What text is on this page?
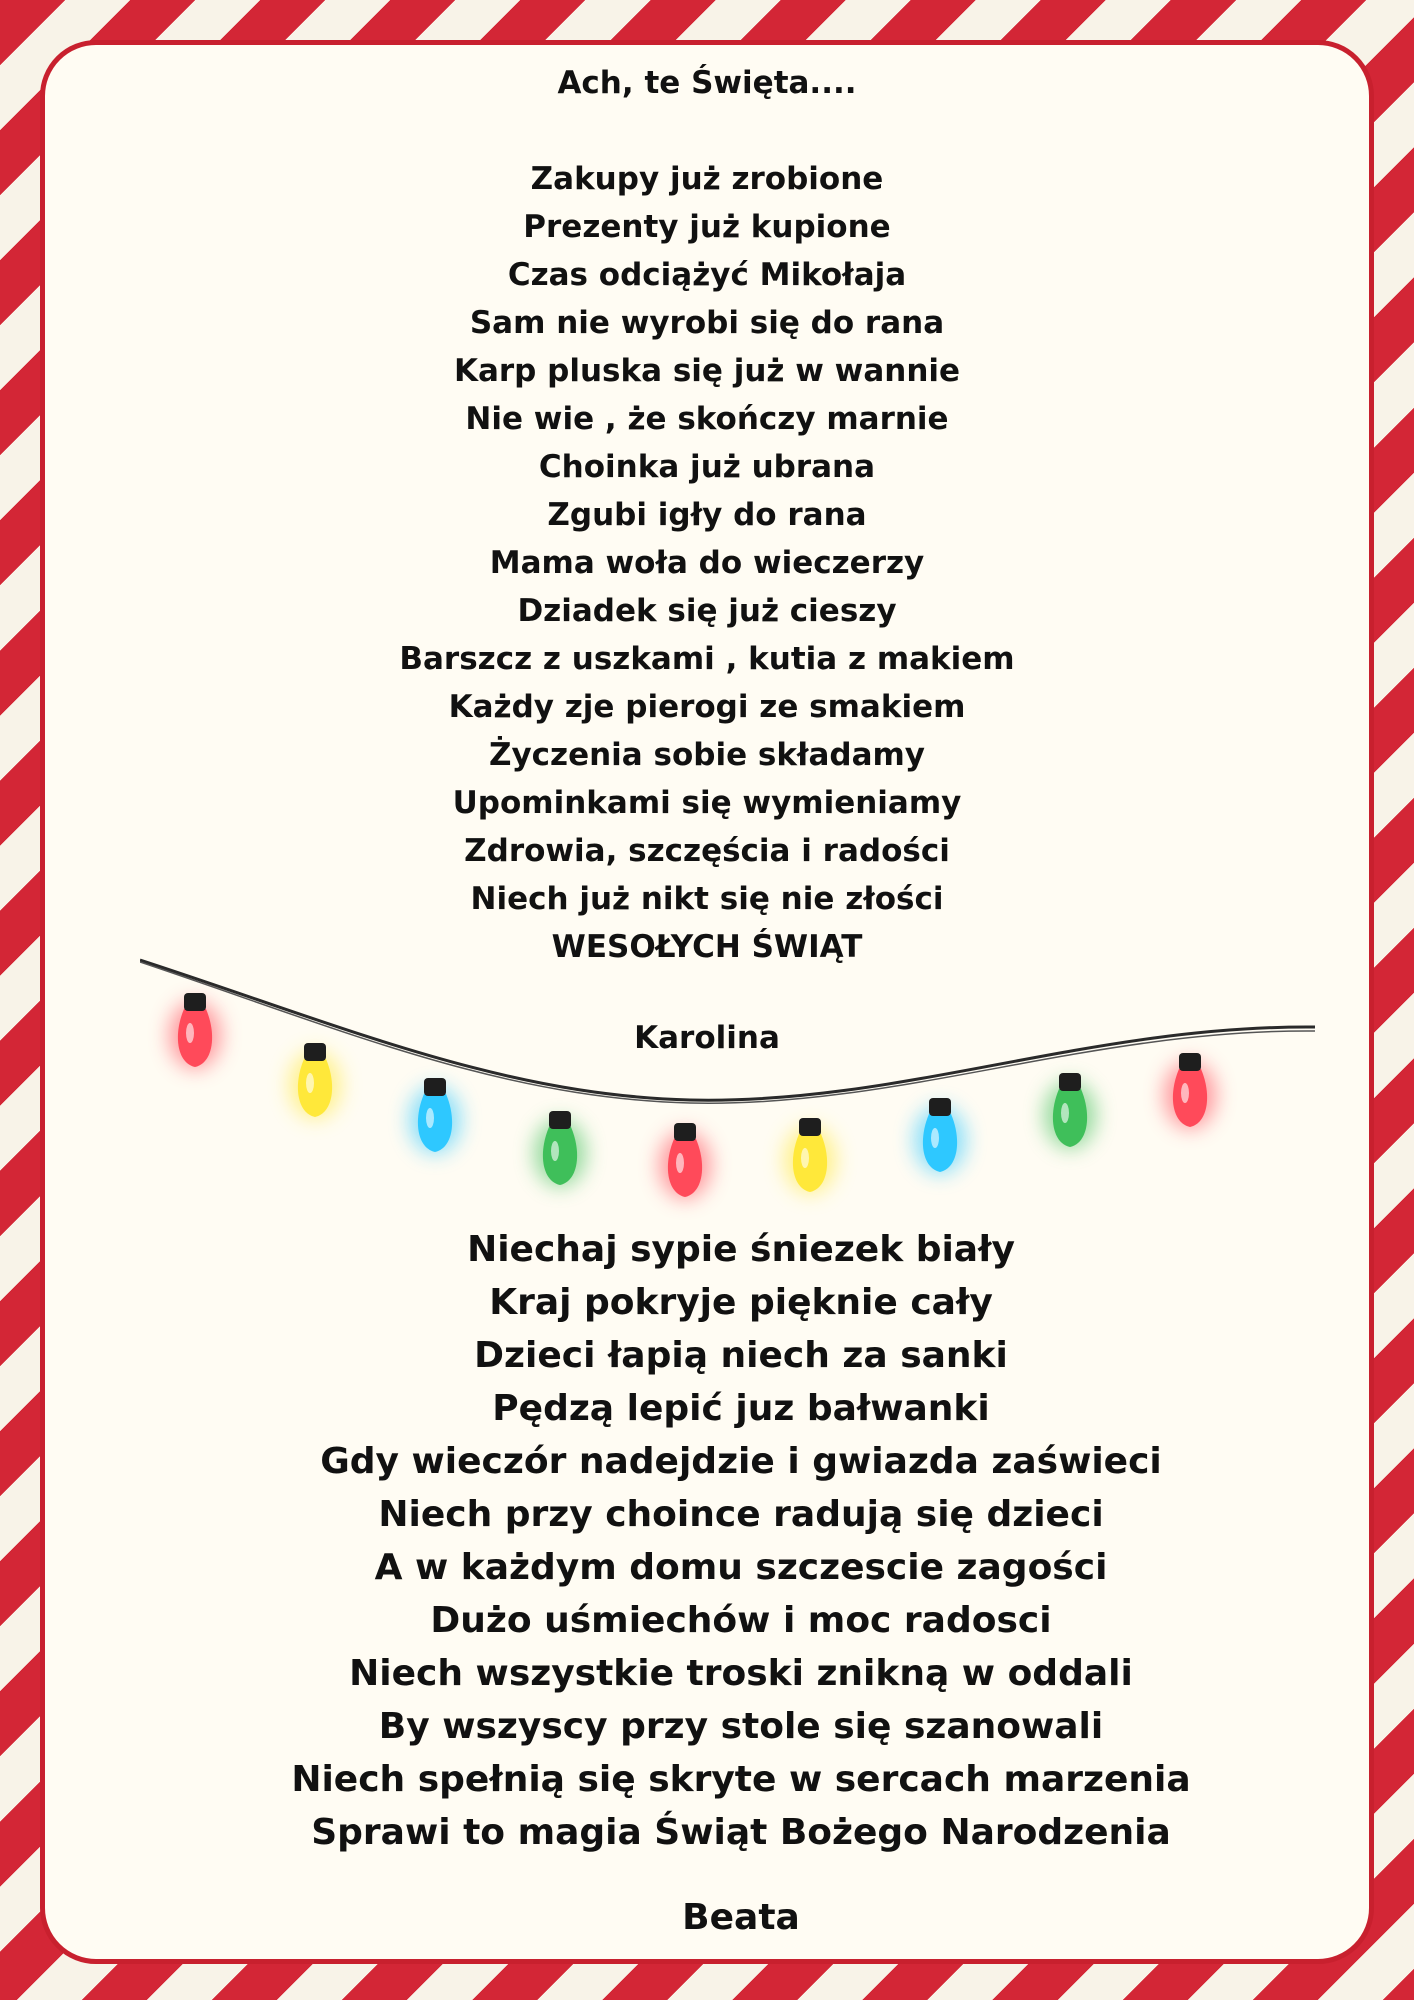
Ach, te Święta....
Zakupy już zrobione
Prezenty już kupione
Czas odciążyć Mikołaja
Sam nie wyrobi się do rana
Karp pluska się już w wannie
Nie wie , że skończy marnie
Choinka już ubrana
Zgubi igły do rana
Mama woła do wieczerzy
Dziadek się już cieszy
Barszcz z uszkami , kutia z makiem
Każdy zje pierogi ze smakiem
Życzenia sobie składamy
Upominkami się wymieniamy
Zdrowia, szczęścia i radości
Niech już nikt się nie złości
WESOŁYCH ŚWIĄT
Karolina
Niechaj sypie śniezek biały
Kraj pokryje pięknie cały
Dzieci łapią niech za sanki
Pędzą lepić juz bałwanki
Gdy wieczór nadejdzie i gwiazda zaświeci
Niech przy choince radują się dzieci
A w każdym domu szczescie zagości
Dużo uśmiechów i moc radosci
Niech wszystkie troski znikną w oddali
By wszyscy przy stole się szanowali
Niech spełnią się skryte w sercach marzenia
Sprawi to magia Świąt Bożego Narodzenia
Beata
